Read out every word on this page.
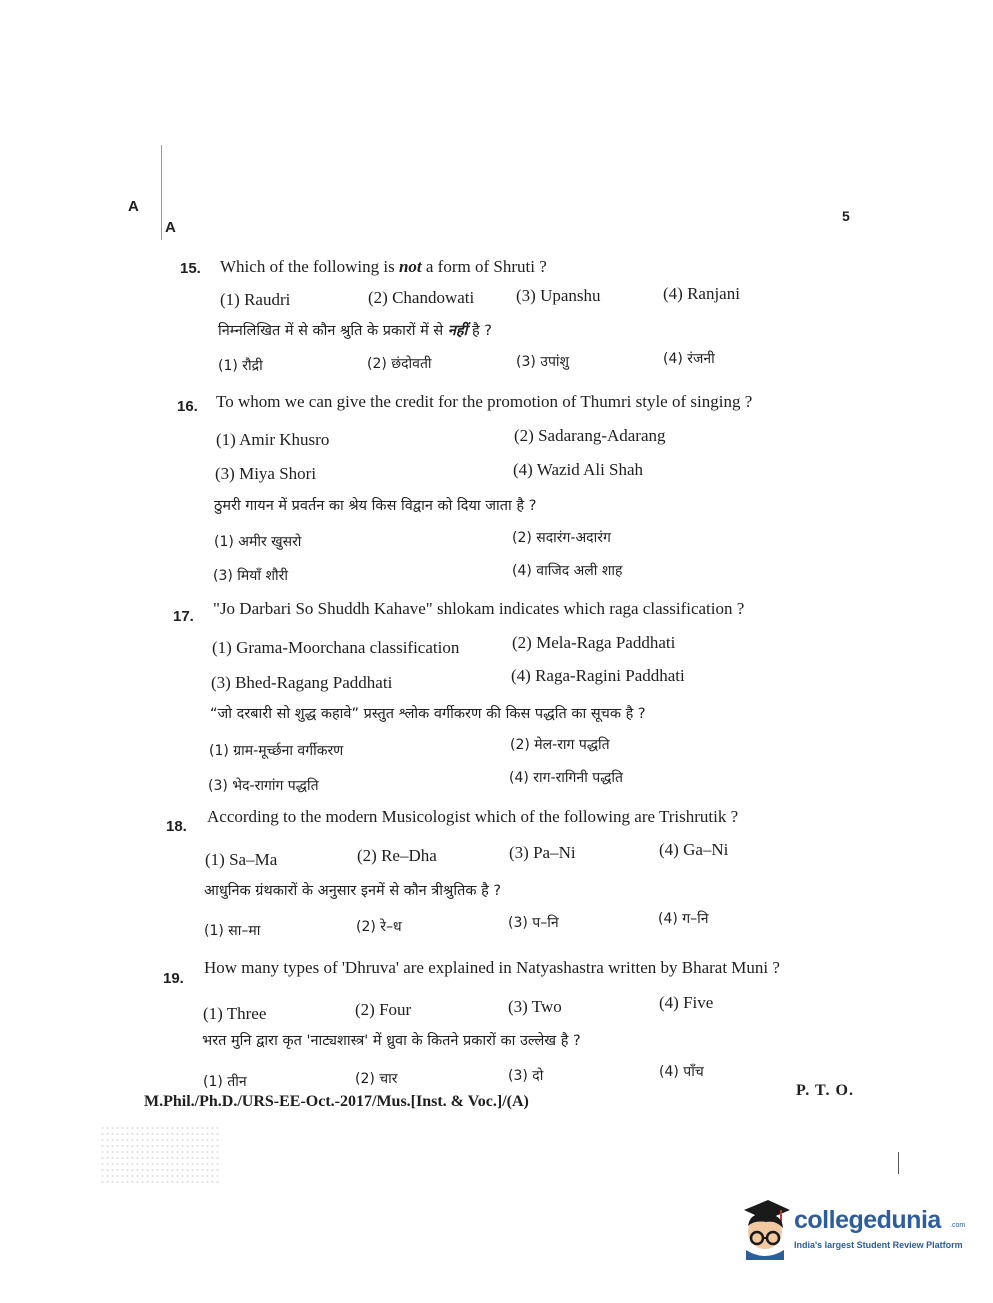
A
A
5
15. Which of the following is not a form of Shruti ?
(1) Raudri	(2) Chandowati (3) Upanshu	(4) Ranjani
निम्नलिखित में से कौन श्रुति के प्रकारों में से नहीं है ?
(1) रौद्री	(2) छंदोवती	(3) उपांशु	(4) रंजनी
16. To whom we can give the credit for the promotion of Thumri style of singing ?
(1) Amir Khusro	(2) Sadarang-Adarang
(3) Miya Shori	(4) Wazid Ali Shah
ठुमरी गायन में प्रवर्तन का श्रेय किस विद्वान को दिया जाता है ?
(1) अमीर खुसरो	(2) सदारंग-अदारंग
(3) मियाँ शौरी	(4) वाजिद अली शाह
17. "Jo Darbari So Shuddh Kahave" shlokam indicates which raga classification ?
(1) Grama-Moorchana classification	(2) Mela-Raga Paddhati
(3) Bhed-Ragang Paddhati	(4) Raga-Ragini Paddhati
“जो दरबारी सो शुद्ध कहावे” प्रस्तुत श्लोक वर्गीकरण की किस पद्धति का सूचक है ?
(1) ग्राम-मूर्च्छना वर्गीकरण	(2) मेल-राग पद्धति
(3) भेद-रागांग पद्धति	(4) राग-रागिनी पद्धति
18.
According to the modern Musicologist which of the following are Trishrutik ?
(1) Sa–Ma	(2) Re–Dha	(3) Pa–Ni	(4) Ga–Ni
आधुनिक ग्रंथकारों के अनुसार इनमें से कौन त्रीश्रुतिक है ?
(1) सा–मा	(2) रे–ध	(3) प–नि	(4) ग–नि
19.
How many types of 'Dhruva' are explained in Natyashastra written by Bharat Muni ?
(1) Three	(2) Four	(3) Two	(4) Five
भरत मुनि द्वारा कृत 'नाट्यशास्त्र' में ध्रुवा के कितने प्रकारों का उल्लेख है ?
(1) तीन	(2) चार	(3) दो	(4) पाँच
M.Phil./Ph.D./URS-EE-Oct.-2017/Mus.[Inst. & Voc.]/(A)
P. T. O.
collegedunia .com
India's largest Student Review Platform
